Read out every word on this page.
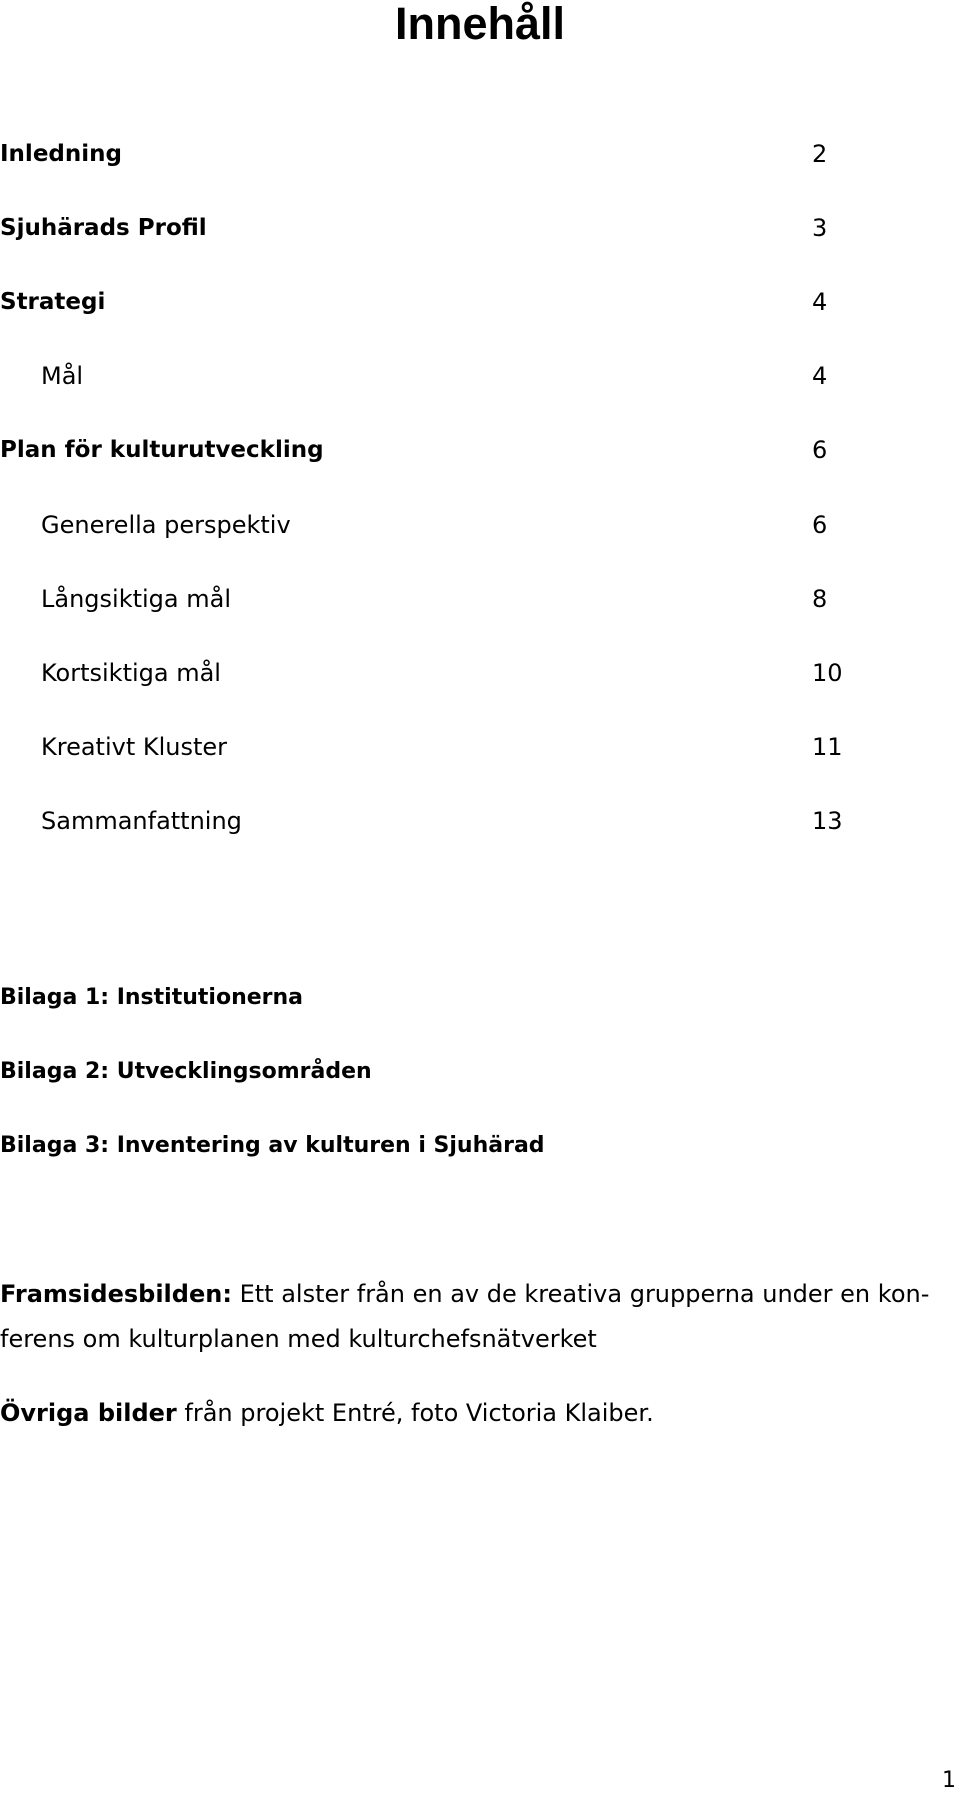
Innehåll
Inledning	2
Sjuhärads Profil	3
Strategi	4
Mål	4
Plan för kulturutveckling	6
Generella perspektiv	6
Långsiktiga mål	8
Kortsiktiga mål	10
Kreativt Kluster	11
Sammanfattning	13
Bilaga 1: Institutionerna
Bilaga 2: Utvecklingsområden
Bilaga 3: Inventering av kulturen i Sjuhärad
Framsidesbilden: Ett alster från en av de kreativa grupperna under en kon-
ferens om kulturplanen med kulturchefsnätverket
Övriga bilder från projekt Entré, foto Victoria Klaiber.
1
